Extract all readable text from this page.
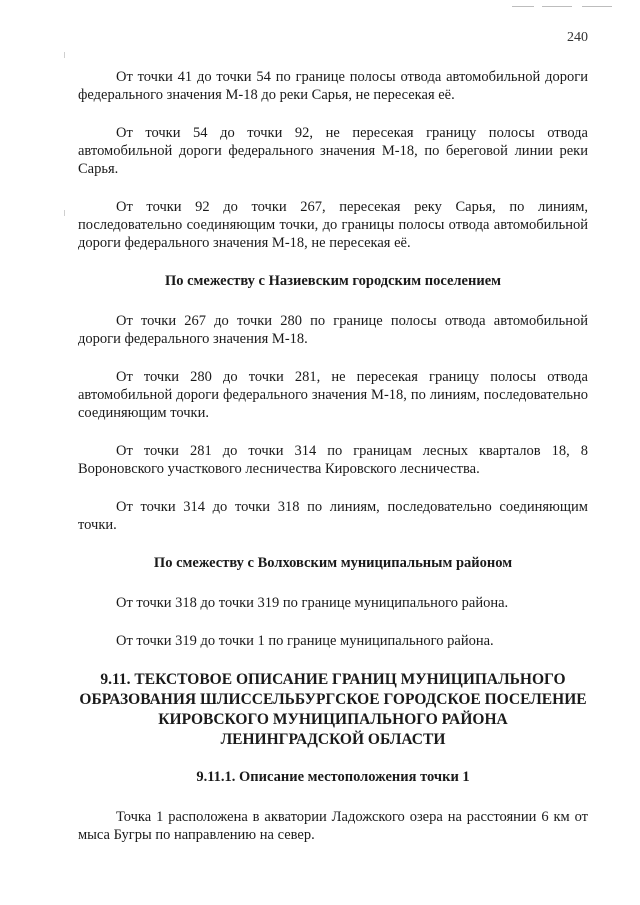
240

От точки 41 до точки 54 по границе полосы отвода автомобильной дороги федерального значения М-18 до реки Сарья, не пересекая её.

От точки 54 до точки 92, не пересекая границу полосы отвода автомобильной дороги федерального значения М-18, по береговой линии реки Сарья.

От точки 92 до точки 267, пересекая реку Сарья, по линиям, последовательно соединяющим точки, до границы полосы отвода автомобильной дороги федерального значения М-18, не пересекая её.

По смежеству с Назиевским городским поселением

От точки 267 до точки 280 по границе полосы отвода автомобильной дороги федерального значения М-18.

От точки 280 до точки 281, не пересекая границу полосы отвода автомобильной дороги федерального значения М-18, по линиям, последовательно соединяющим точки.

От точки 281 до точки 314 по границам лесных кварталов 18, 8 Вороновского участкового лесничества Кировского лесничества.

От точки 314 до точки 318 по линиям, последовательно соединяющим точки.

По смежеству с Волховским муниципальным районом

От точки 318 до точки 319 по границе муниципального района.

От точки 319 до точки 1 по границе муниципального района.

9.11. ТЕКСТОВОЕ ОПИСАНИЕ ГРАНИЦ МУНИЦИПАЛЬНОГО
ОБРАЗОВАНИЯ ШЛИССЕЛЬБУРГСКОЕ ГОРОДСКОЕ ПОСЕЛЕНИЕ
КИРОВСКОГО МУНИЦИПАЛЬНОГО РАЙОНА
ЛЕНИНГРАДСКОЙ ОБЛАСТИ
9.11.1. Описание местоположения точки 1

Точка 1 расположена в акватории Ладожского озера на расстоянии 6 км от мыса Бугры по направлению на север.
